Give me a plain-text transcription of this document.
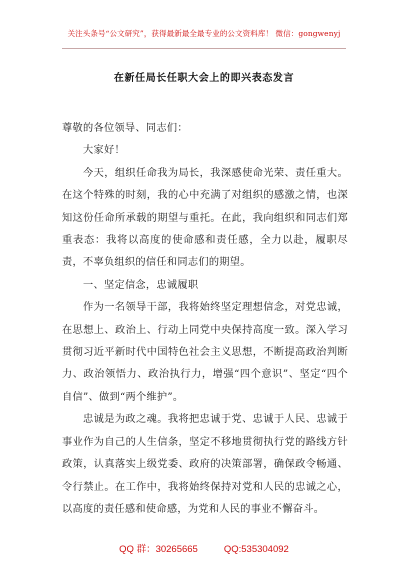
关注头条号“公文研究”，获得最新最全最专业的公文资料库！ 微信：gongwenyj
在新任局长任职大会上的即兴表态发言

尊敬的各位领导、同志们：

大家好！

今天，组织任命我为局长，我深感使命光荣、责任重大。在这个特殊的时刻，我的心中充满了对组织的感激之情，也深知这份任命所承载的期望与重托。在此，我向组织和同志们郑重表态：我将以高度的使命感和责任感，全力以赴，履职尽责，不辜负组织的信任和同志们的期望。

一、坚定信念，忠诚履职

作为一名领导干部，我将始终坚定理想信念，对党忠诚，在思想上、政治上、行动上同党中央保持高度一致。深入学习贯彻习近平新时代中国特色社会主义思想，不断提高政治判断力、政治领悟力、政治执行力，增强“四个意识”、坚定“四个自信”、做到“两个维护”。

忠诚是为政之魂。我将把忠诚于党、忠诚于人民、忠诚于事业作为自己的人生信条，坚定不移地贯彻执行党的路线方针政策，认真落实上级党委、政府的决策部署，确保政令畅通、令行禁止。在工作中，我将始终保持对党和人民的忠诚之心，以高度的责任感和使命感，为党和人民的事业不懈奋斗。

QQ 群：30265665	QQ:535304092
